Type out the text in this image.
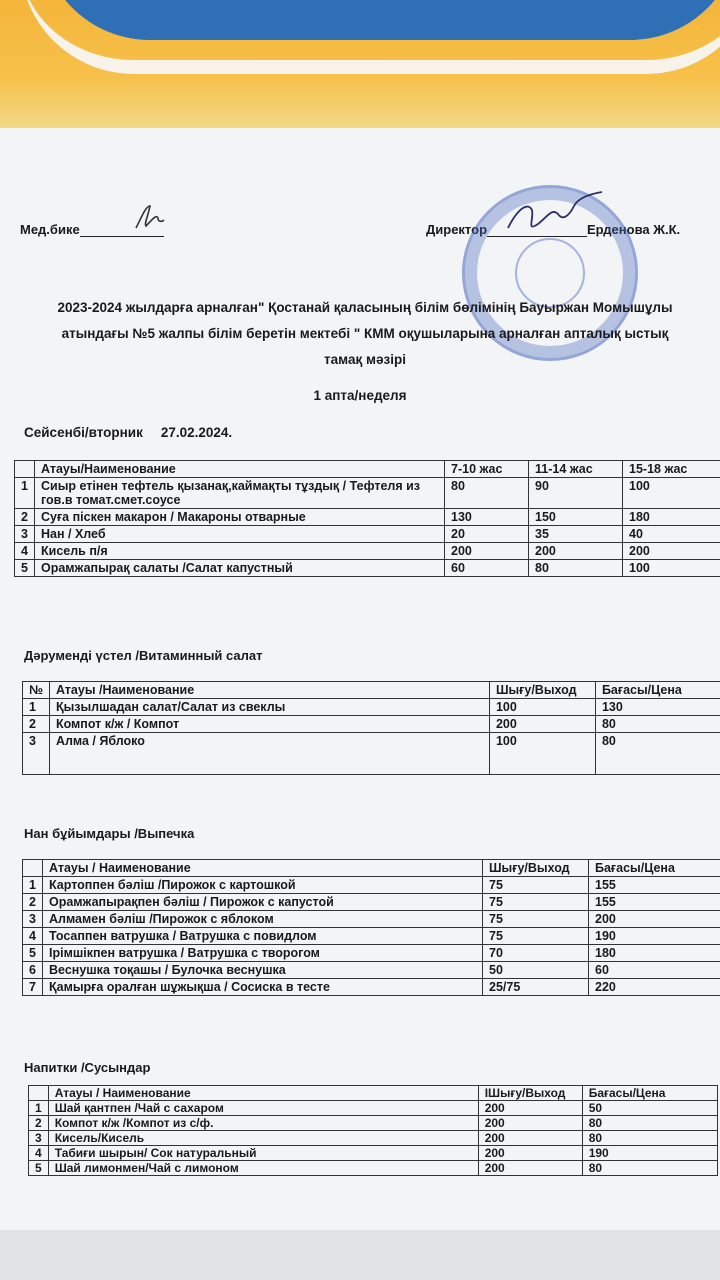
Мед.бике	Директор	Ерденова Ж.К.
2023-2024 жылдарға арналған" Қостанай қаласының білім бөлімінің Бауыржан Момышұлы
атындағы №5 жалпы білім беретін мектебі " КММ оқушыларына арналған апталық ыстық
тамақ мәзірі
1 апта/неделя
Сейсенбі/вторник 27.02.2024.
	Атауы/Наименование	7-10 жас	11-14 жас	15-18 жас
1	Сиыр етінен тефтель қызанақ,каймақты тұздық / Тефтеля из гов.в томат.смет.соусе	80	90	100
2	Суға піскен макарон / Макароны отварные	130	150	180
3	Нан / Хлеб	20	35	40
4	Кисель п/я	200	200	200
5	Орамжапырақ салаты /Салат капустный	60	80	100
Дәруменді үстел /Витаминный салат
№	Атауы /Наименование	Шығу/Выход	Бағасы/Цена
1	Қызылшадан салат/Салат из свеклы	100	130
2	Компот к/ж / Компот	200	80
3	Алма / Яблоко	100	80
Нан бұйымдары /Выпечка
	Атауы / Наименование	Шығу/Выход	Бағасы/Цена
1	Картоппен бәліш /Пирожок с картошкой	75	155
2	Орамжапырақпен бәліш / Пирожок с капустой	75	155
3	Алмамен бәліш /Пирожок с яблоком	75	200
4	Тосаппен ватрушка / Ватрушка с повидлом	75	190
5	Ірімшікпен ватрушка / Ватрушка с творогом	70	180
6	Веснушка тоқашы / Булочка веснушка	50	60
7	Қамырға оралған шұжықша / Сосиска в тесте	25/75	220
Напитки /Сусындар
	Атауы / Наименование	ІШығу/Выход	Бағасы/Цена
1	Шай қантпен /Чай с сахаром	200	50
2	Компот к/ж /Компот из с/ф.	200	80
3	Кисель/Кисель	200	80
4	Табиғи шырын/ Сок натуральный	200	190
5	Шай лимонмен/Чай с лимоном	200	80
